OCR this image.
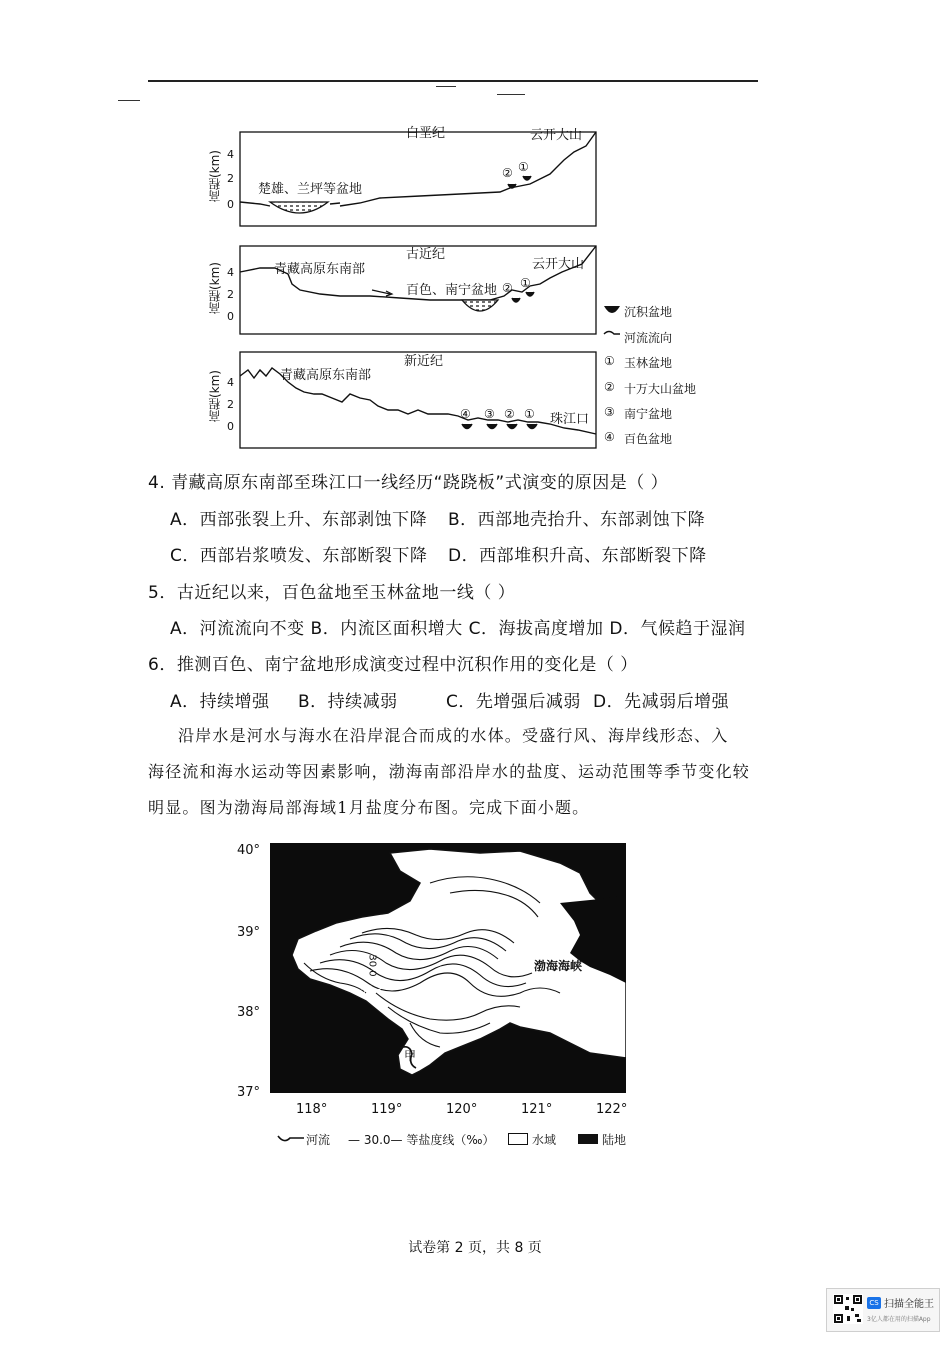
4
2
0
4
2
0
4
2
0
白垩纪	云开大山
楚雄、兰坪等盆地
② ①
高程(km)
古近纪
青藏高原东南部
百色、南宁盆地
云开大山
② ①
高程(km)
新近纪
青藏高原东南部
珠江口
④ ③ ② ①
高程(km)
沉积盆地
河流流向
① 玉林盆地
② 十万大山盆地
③ 南宁盆地
④ 百色盆地
4. 青藏高原东南部至珠江口一线经历“跷跷板”式演变的原因是（ ）
A．西部张裂上升、东部剥蚀下降 B．西部地壳抬升、东部剥蚀下降
C．西部岩浆喷发、东部断裂下降 D．西部堆积升高、东部断裂下降
5．古近纪以来，百色盆地至玉林盆地一线（ ）
A．河流流向不变 B．内流区面积增大 C．海拔高度增加 D．气候趋于湿润
6．推测百色、南宁盆地形成演变过程中沉积作用的变化是（ ）
A．持续增强 B．持续减弱	C．先增强后减弱 D．先减弱后增强
沿岸水是河水与海水在沿岸混合而成的水体。受盛行风、海岸线形态、入
海径流和海水运动等因素影响，渤海南部沿岸水的盐度、运动范围等季节变化较
明显。图为渤海局部海域1月盐度分布图。完成下面小题。
40°
39°
38°
37°
118°	119°	120°	121°	122°
渤海海峡
30.0
28.5
甲
河流 — 30.0— 等盐度线（‰）	水域	陆地
试卷第 2 页，共 8 页
CS 扫描全能王
3亿人都在用的扫描App
